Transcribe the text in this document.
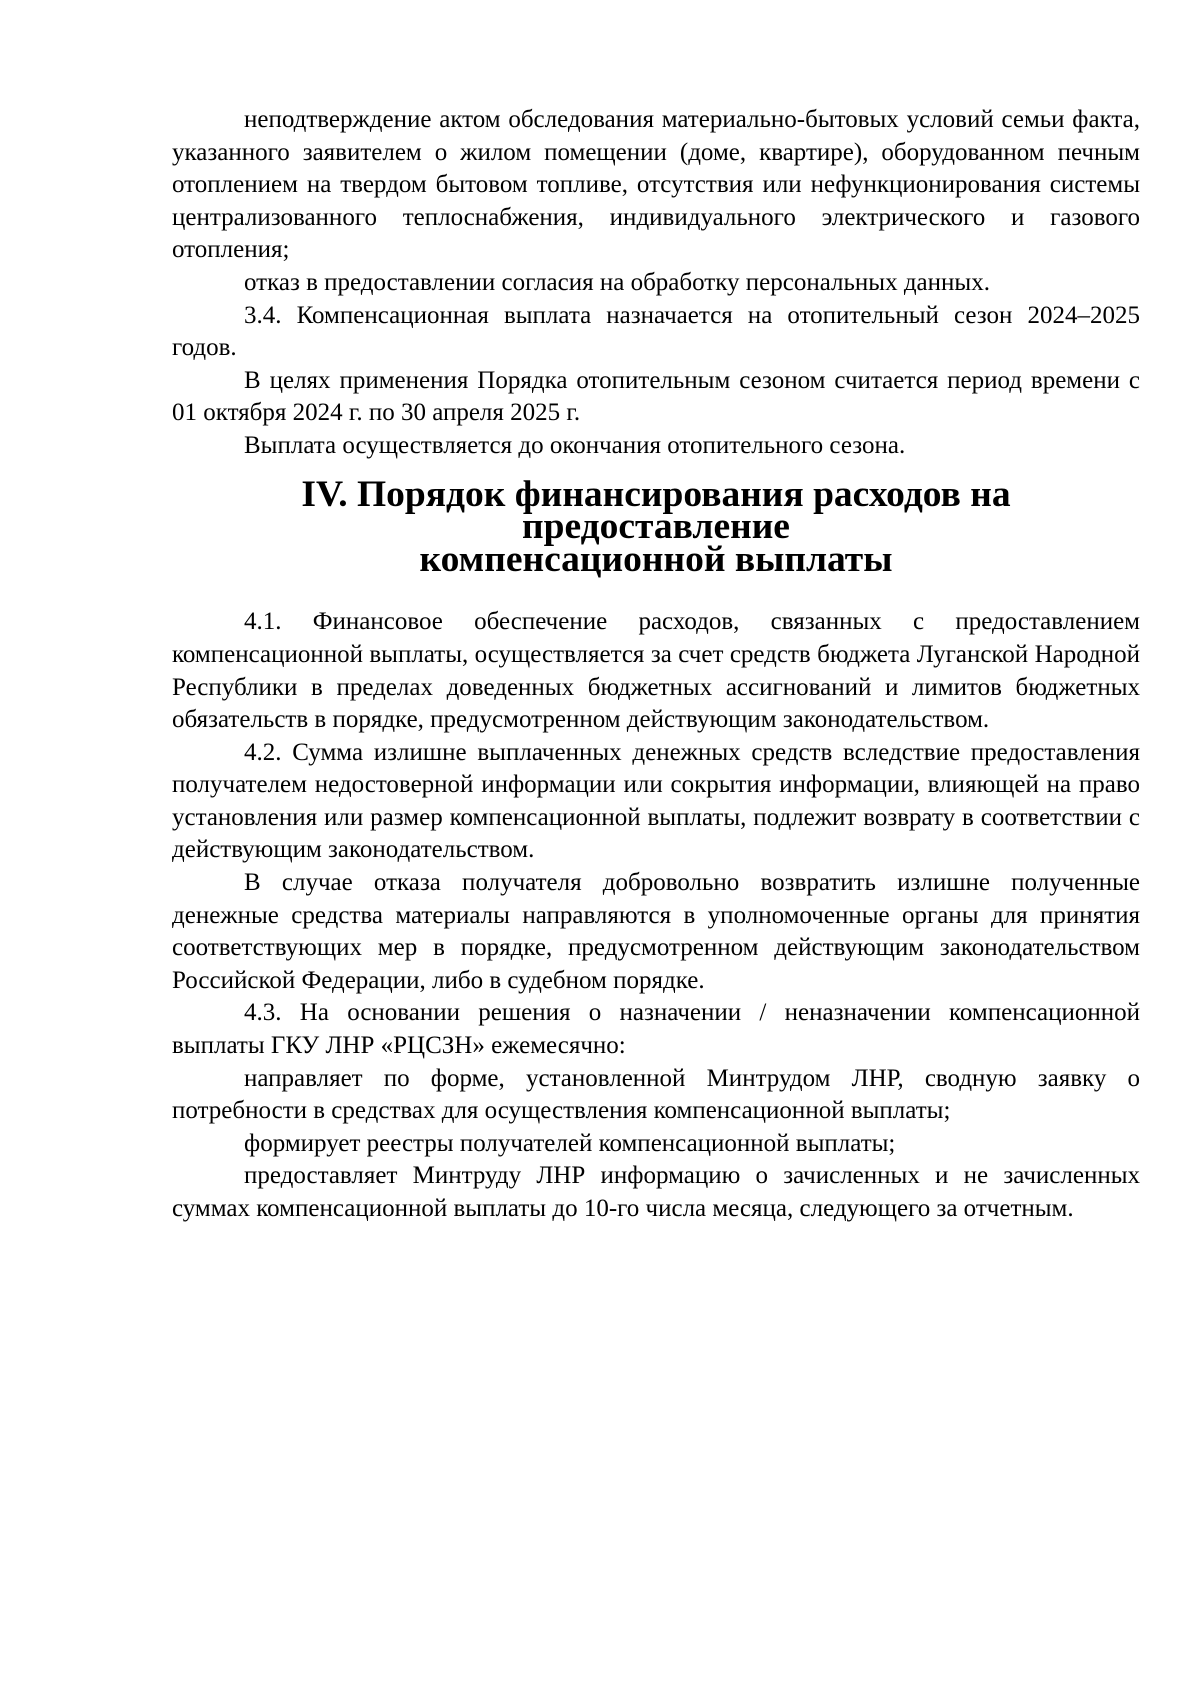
неподтверждение актом обследования материально-бытовых условий семьи факта, указанного заявителем о жилом помещении (доме, квартире), оборудованном печным отоплением на твердом бытовом топливе, отсутствия или нефункционирования системы централизованного теплоснабжения, индивидуального электрического и газового отопления;

отказ в предоставлении согласия на обработку персональных данных.

3.4. Компенсационная выплата назначается на отопительный сезон 2024–2025 годов.

В целях применения Порядка отопительным сезоном считается период времени с 01 октября 2024 г. по 30 апреля 2025 г.

Выплата осуществляется до окончания отопительного сезона.

IV. Порядок финансирования расходов на предоставление
компенсационной выплаты

4.1. Финансовое обеспечение расходов, связанных с предоставлением компенсационной выплаты, осуществляется за счет средств бюджета Луганской Народной Республики в пределах доведенных бюджетных ассигнований и лимитов бюджетных обязательств в порядке, предусмотренном действующим законодательством.

4.2. Сумма излишне выплаченных денежных средств вследствие предоставления получателем недостоверной информации или сокрытия информации, влияющей на право установления или размер компенсационной выплаты, подлежит возврату в соответствии с действующим законодательством.

В случае отказа получателя добровольно возвратить излишне полученные денежные средства материалы направляются в уполномоченные органы для принятия соответствующих мер в порядке, предусмотренном действующим законодательством Российской Федерации, либо в судебном порядке.

4.3. На основании решения о назначении / неназначении компенсационной выплаты ГКУ ЛНР «РЦСЗН» ежемесячно:

направляет по форме, установленной Минтрудом ЛНР, сводную заявку о потребности в средствах для осуществления компенсационной выплаты;

формирует реестры получателей компенсационной выплаты;

предоставляет Минтруду ЛНР информацию о зачисленных и не зачисленных суммах компенсационной выплаты до 10-го числа месяца, следующего за отчетным.
